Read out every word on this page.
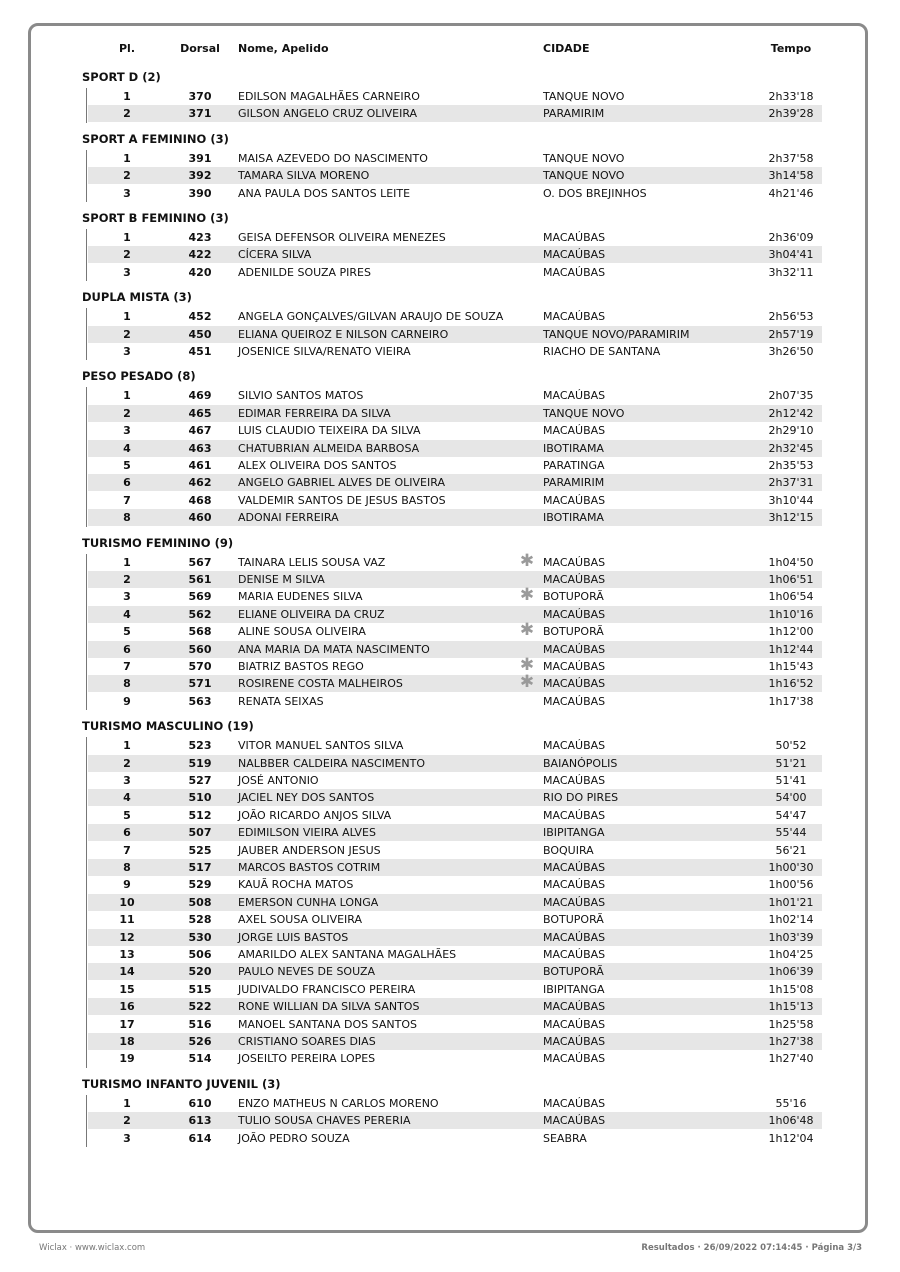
Pl.	Dorsal	Nome, Apelido	CIDADE	Tempo
SPORT D (2)
1	370	EDILSON MAGALHÃES CARNEIRO	TANQUE NOVO	2h33'18
2	371	GILSON ANGELO CRUZ OLIVEIRA	PARAMIRIM	2h39'28
SPORT A FEMININO (3)
1	391	MAISA AZEVEDO DO NASCIMENTO	TANQUE NOVO	2h37'58
2	392	TAMARA SILVA MORENO	TANQUE NOVO	3h14'58
3	390	ANA PAULA DOS SANTOS LEITE	O. DOS BREJINHOS	4h21'46
SPORT B FEMININO (3)
1	423	GEISA DEFENSOR OLIVEIRA MENEZES	MACAÚBAS	2h36'09
2	422	CÍCERA SILVA	MACAÚBAS	3h04'41
3	420	ADENILDE SOUZA PIRES	MACAÚBAS	3h32'11
DUPLA MISTA (3)
1	452	ANGELA GONÇALVES/GILVAN ARAUJO DE SOUZA	MACAÚBAS	2h56'53
2	450	ELIANA QUEIROZ E NILSON CARNEIRO	TANQUE NOVO/PARAMIRIM	2h57'19
3	451	JOSENICE SILVA/RENATO VIEIRA	RIACHO DE SANTANA	3h26'50
PESO PESADO (8)
1	469	SILVIO SANTOS MATOS	MACAÚBAS	2h07'35
2	465	EDIMAR FERREIRA DA SILVA	TANQUE NOVO	2h12'42
3	467	LUIS CLAUDIO TEIXEIRA DA SILVA	MACAÚBAS	2h29'10
4	463	CHATUBRIAN ALMEIDA BARBOSA	IBOTIRAMA	2h32'45
5	461	ALEX OLIVEIRA DOS SANTOS	PARATINGA	2h35'53
6	462	ANGELO GABRIEL ALVES DE OLIVEIRA	PARAMIRIM	2h37'31
7	468	VALDEMIR SANTOS DE JESUS BASTOS	MACAÚBAS	3h10'44
8	460	ADONAI FERREIRA	IBOTIRAMA	3h12'15
TURISMO FEMININO (9)
1	567	TAINARA LELIS SOUSA VAZ	MACAÚBAS	1h04'50
✱
2	561	DENISE M SILVA	MACAÚBAS	1h06'51
3	569	MARIA EUDENES SILVA	BOTUPORÃ	1h06'54
✱
4	562	ELIANE OLIVEIRA DA CRUZ	MACAÚBAS	1h10'16
5	568	ALINE SOUSA OLIVEIRA	BOTUPORÃ	1h12'00
✱
6	560	ANA MARIA DA MATA NASCIMENTO	MACAÚBAS	1h12'44
7	570	BIATRIZ BASTOS REGO	MACAÚBAS	1h15'43
✱
8	571	ROSIRENE COSTA MALHEIROS	MACAÚBAS	1h16'52
✱
9	563	RENATA SEIXAS	MACAÚBAS	1h17'38
TURISMO MASCULINO (19)
1	523	VITOR MANUEL SANTOS SILVA	MACAÚBAS	50'52
2	519	NALBBER CALDEIRA NASCIMENTO	BAIANÓPOLIS	51'21
3	527	JOSÉ ANTONIO	MACAÚBAS	51'41
4	510	JACIEL NEY DOS SANTOS	RIO DO PIRES	54'00
5	512	JOÃO RICARDO ANJOS SILVA	MACAÚBAS	54'47
6	507	EDIMILSON VIEIRA ALVES	IBIPITANGA	55'44
7	525	JAUBER ANDERSON JESUS	BOQUIRA	56'21
8	517	MARCOS BASTOS COTRIM	MACAÚBAS	1h00'30
9	529	KAUÃ ROCHA MATOS	MACAÚBAS	1h00'56
10	508	EMERSON CUNHA LONGA	MACAÚBAS	1h01'21
11	528	AXEL SOUSA OLIVEIRA	BOTUPORÃ	1h02'14
12	530	JORGE LUIS BASTOS	MACAÚBAS	1h03'39
13	506	AMARILDO ALEX SANTANA MAGALHÃES	MACAÚBAS	1h04'25
14	520	PAULO NEVES DE SOUZA	BOTUPORÃ	1h06'39
15	515	JUDIVALDO FRANCISCO PEREIRA	IBIPITANGA	1h15'08
16	522	RONE WILLIAN DA SILVA SANTOS	MACAÚBAS	1h15'13
17	516	MANOEL SANTANA DOS SANTOS	MACAÚBAS	1h25'58
18	526	CRISTIANO SOARES DIAS	MACAÚBAS	1h27'38
19	514	JOSEILTO PEREIRA LOPES	MACAÚBAS	1h27'40
TURISMO INFANTO JUVENIL (3)
1	610	ENZO MATHEUS N CARLOS MORENO	MACAÚBAS	55'16
2	613	TULIO SOUSA CHAVES PERERIA	MACAÚBAS	1h06'48
3	614	JOÃO PEDRO SOUZA	SEABRA	1h12'04
Wiclax · www.wiclax.com	Resultados · 26/09/2022 07:14:45 · Página 3/3
